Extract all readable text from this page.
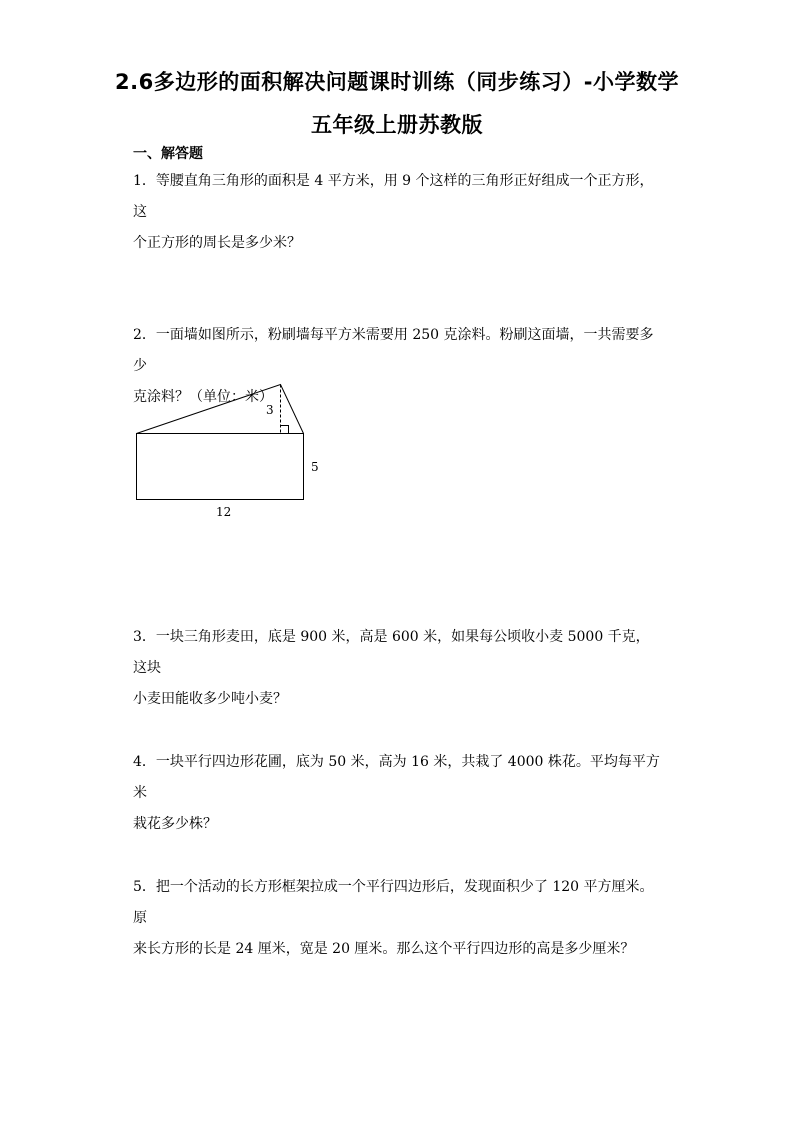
2.6多边形的面积解决问题课时训练（同步练习）-小学数学
五年级上册苏教版
一、解答题
1．等腰直角三角形的面积是 4 平方米，用 9 个这样的三角形正好组成一个正方形，这
个正方形的周长是多少米？
2．一面墙如图所示，粉刷墙每平方米需要用 250 克涂料。粉刷这面墙，一共需要多少
克涂料？（单位：米）
3
5
12
3．一块三角形麦田，底是 900 米，高是 600 米，如果每公顷收小麦 5000 千克，这块
小麦田能收多少吨小麦？
4．一块平行四边形花圃，底为 50 米，高为 16 米，共栽了 4000 株花。平均每平方米
栽花多少株？
5．把一个活动的长方形框架拉成一个平行四边形后，发现面积少了 120 平方厘米。原
来长方形的长是 24 厘米，宽是 20 厘米。那么这个平行四边形的高是多少厘米？
